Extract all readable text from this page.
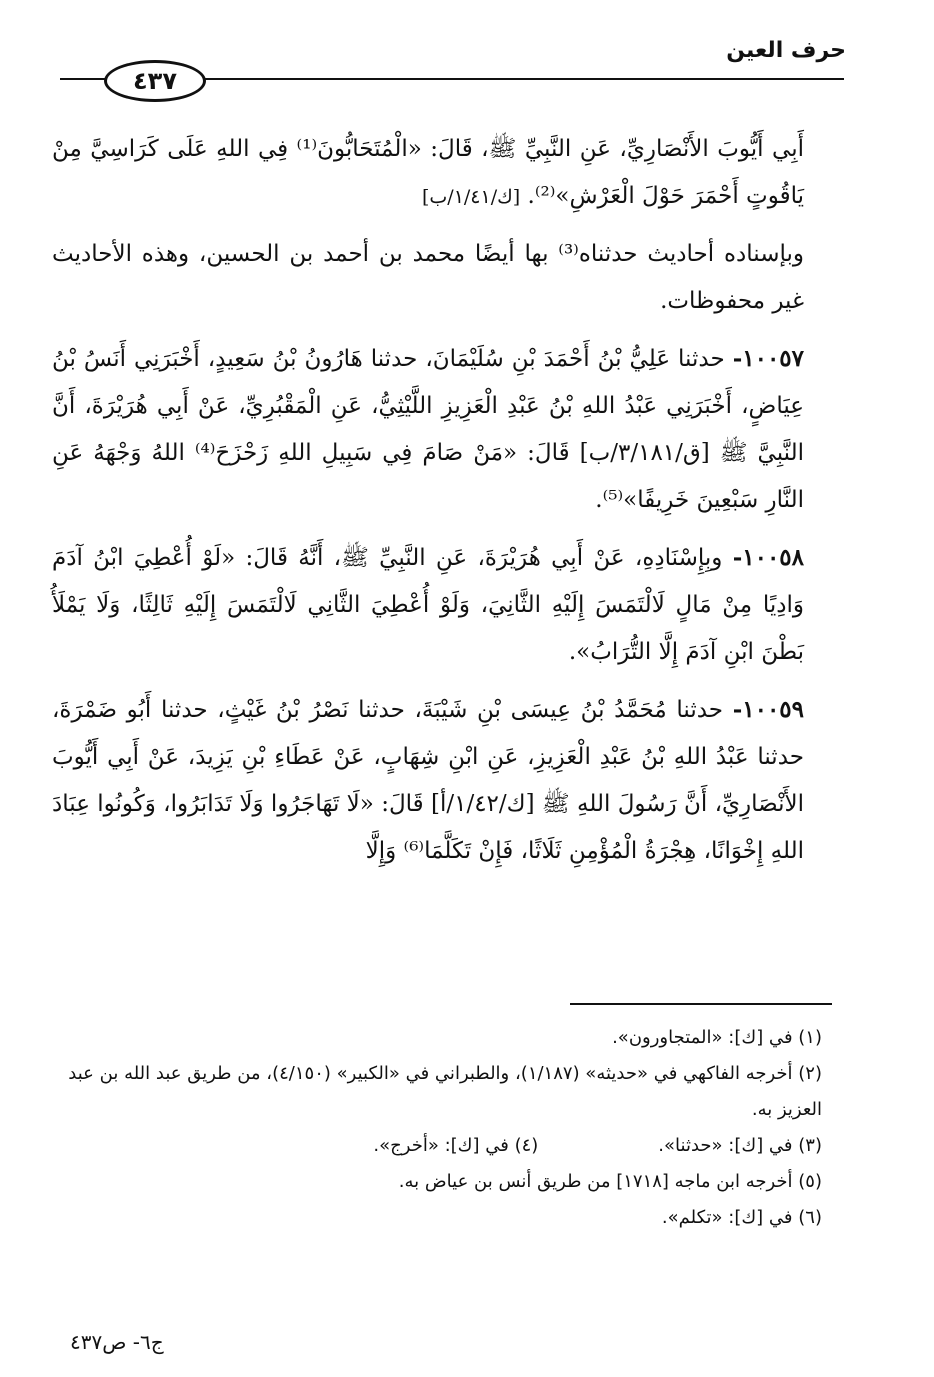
حرف العين
٤٣٧

أَبِي أَيُّوبَ الأَنْصَارِيِّ، عَنِ النَّبِيِّ ﷺ، قَالَ: «الْمُتَحَابُّونَ⁽¹⁾ فِي اللهِ عَلَى كَرَاسِيَّ مِنْ يَاقُوتٍ أَحْمَرَ حَوْلَ الْعَرْشِ»⁽²⁾. [ك/١/٤١/ب]

وبإسناده أحاديث حدثناه⁽³⁾ بها أيضًا محمد بن أحمد بن الحسين، وهذه الأحاديث غير محفوظات.

١٠٠٥٧- حدثنا عَلِيُّ بْنُ أَحْمَدَ بْنِ سُلَيْمَانَ، حدثنا هَارُونُ بْنُ سَعِيدٍ، أَخْبَرَنِي أَنَسُ بْنُ عِيَاضٍ، أَخْبَرَنِي عَبْدُ اللهِ بْنُ عَبْدِ الْعَزِيزِ اللَّيْثِيُّ، عَنِ الْمَقْبُرِيِّ، عَنْ أَبِي هُرَيْرَةَ، أَنَّ النَّبِيَّ ﷺ [ق/٣/١٨١/ب] قَالَ: «مَنْ صَامَ فِي سَبِيلِ اللهِ زَحْزَحَ⁽⁴⁾ اللهُ وَجْهَهُ عَنِ النَّارِ سَبْعِينَ خَرِيفًا»⁽⁵⁾.

١٠٠٥٨- وبِإِسْنَادِهِ، عَنْ أَبِي هُرَيْرَةَ، عَنِ النَّبِيِّ ﷺ، أَنَّهُ قَالَ: «لَوْ أُعْطِيَ ابْنُ آدَمَ وَادِيًا مِنْ مَالٍ لَالْتَمَسَ إِلَيْهِ الثَّانِيَ، وَلَوْ أُعْطِيَ الثَّانِي لَالْتَمَسَ إِلَيْهِ ثَالِثًا، وَلَا يَمْلَأُ بَطْنَ ابْنِ آدَمَ إِلَّا التُّرَابُ».

١٠٠٥٩- حدثنا مُحَمَّدُ بْنُ عِيسَى بْنِ شَيْبَةَ، حدثنا نَصْرُ بْنُ غَيْثٍ، حدثنا أَبُو ضَمْرَةَ، حدثنا عَبْدُ اللهِ بْنُ عَبْدِ الْعَزِيزِ، عَنِ ابْنِ شِهَابٍ، عَنْ عَطَاءِ بْنِ يَزِيدَ، عَنْ أَبِي أَيُّوبَ الأَنْصَارِيِّ، أَنَّ رَسُولَ اللهِ ﷺ [ك/١/٤٢/أ] قَالَ: «لَا تَهَاجَرُوا وَلَا تَدَابَرُوا، وَكُونُوا عِبَادَ اللهِ إِخْوَانًا، هِجْرَةُ الْمُؤْمِنِ ثَلَاثًا، فَإِنْ تَكَلَّمَا⁽⁶⁾ وَإِلَّا

(١) في [ك]: «المتجاورون».

(٢) أخرجه الفاكهي في «حديثه» (١/١٨٧)، والطبراني في «الكبير» (٤/١٥٠)، من طريق عبد الله بن عبد العزيز به.

(٣) في [ك]: «حدثنا».
(٤) في [ك]: «أخرج».

(٥) أخرجه ابن ماجه [١٧١٨] من طريق أنس بن عياض به.

(٦) في [ك]: «تكلم».

ج٦- ص٤٣٧
